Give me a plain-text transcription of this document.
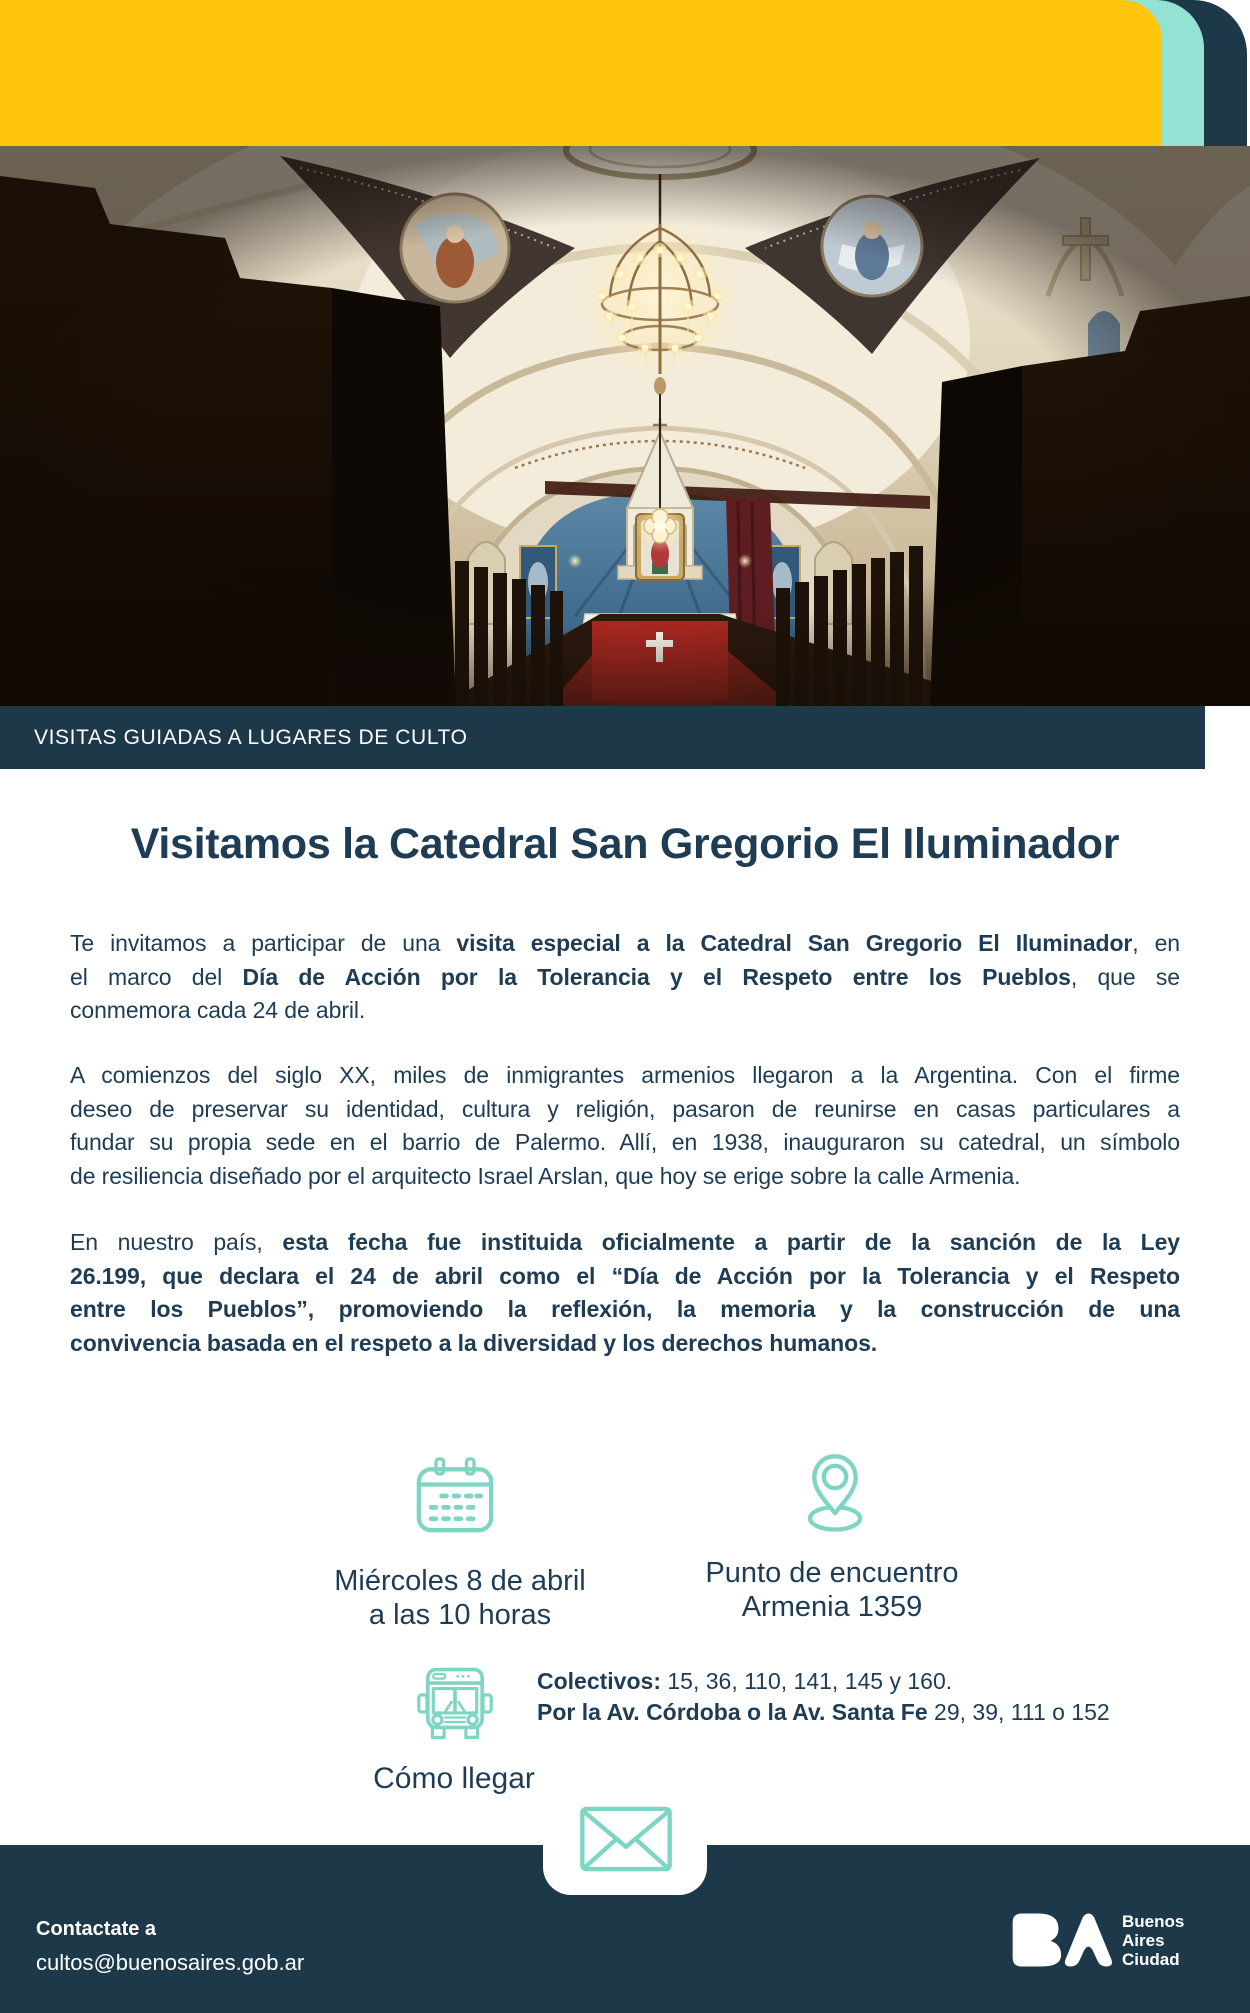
VISITAS GUIADAS A LUGARES DE CULTO
Visitamos la Catedral San Gregorio El Iluminador
Te invitamos a participar de una visita especial a la Catedral San Gregorio El Iluminador, en
el marco del Día de Acción por la Tolerancia y el Respeto entre los Pueblos, que se
conmemora cada 24 de abril.
A comienzos del siglo XX, miles de inmigrantes armenios llegaron a la Argentina. Con el firme
deseo de preservar su identidad, cultura y religión, pasaron de reunirse en casas particulares a
fundar su propia sede en el barrio de Palermo. Allí, en 1938, inauguraron su catedral, un símbolo
de resiliencia diseñado por el arquitecto Israel Arslan, que hoy se erige sobre la calle Armenia.
En nuestro país, esta fecha fue instituida oficialmente a partir de la sanción de la Ley
26.199, que declara el 24 de abril como el “Día de Acción por la Tolerancia y el Respeto
entre los Pueblos”, promoviendo la reflexión, la memoria y la construcción de una
convivencia basada en el respeto a la diversidad y los derechos humanos.
Miércoles 8 de abril
a las 10 horas
Punto de encuentro
Armenia 1359
Colectivos: 15, 36, 110, 141, 145 y 160.
Por la Av. Córdoba o la Av. Santa Fe 29, 39, 111 o 152
Cómo llegar
Contactate a
cultos@buenosaires.gob.ar
Buenos
Aires
Ciudad
